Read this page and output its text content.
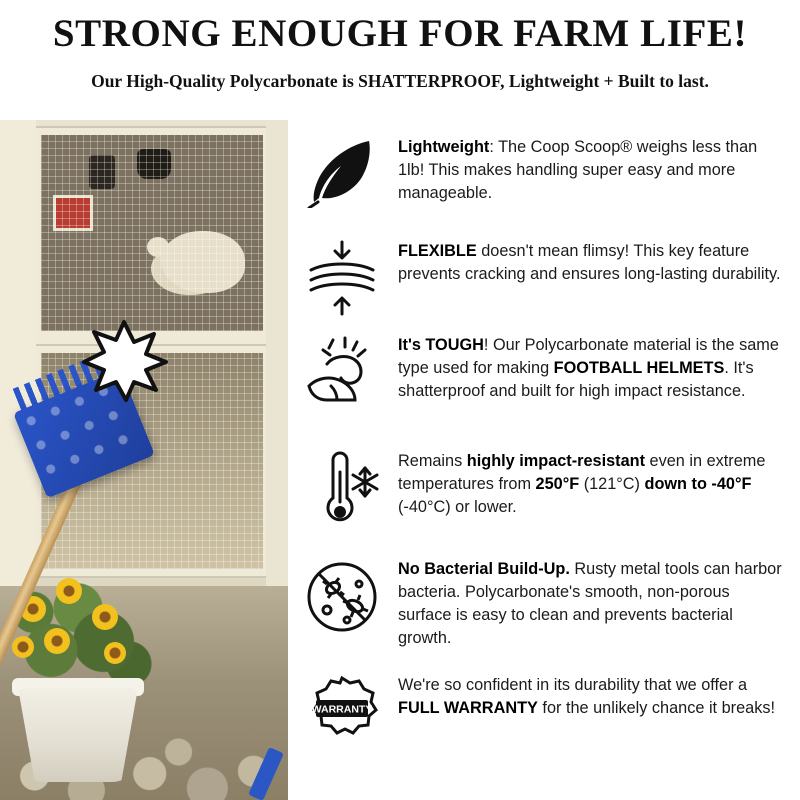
STRONG ENOUGH FOR FARM LIFE!
Our High-Quality Polycarbonate is SHATTERPROOF, Lightweight + Built to last.
Lightweight: The Coop Scoop® weighs less than 1lb! This makes handling super easy and more manageable.
FLEXIBLE doesn't mean flimsy! This key feature prevents cracking and ensures long-lasting durability.
It's TOUGH! Our Polycarbonate material is the same type used for making FOOTBALL HELMETS. It's shatterproof and built for high impact resistance.
Remains highly impact-resistant even in extreme temperatures from 250°F (121°C) down to -40°F (-40°C) or lower.
No Bacterial Build-Up. Rusty metal tools can harbor bacteria. Polycarbonate's smooth, non-porous surface is easy to clean and prevents bacterial growth.
WARRANTY
We're so confident in its durability that we offer a FULL WARRANTY for the unlikely chance it breaks!
